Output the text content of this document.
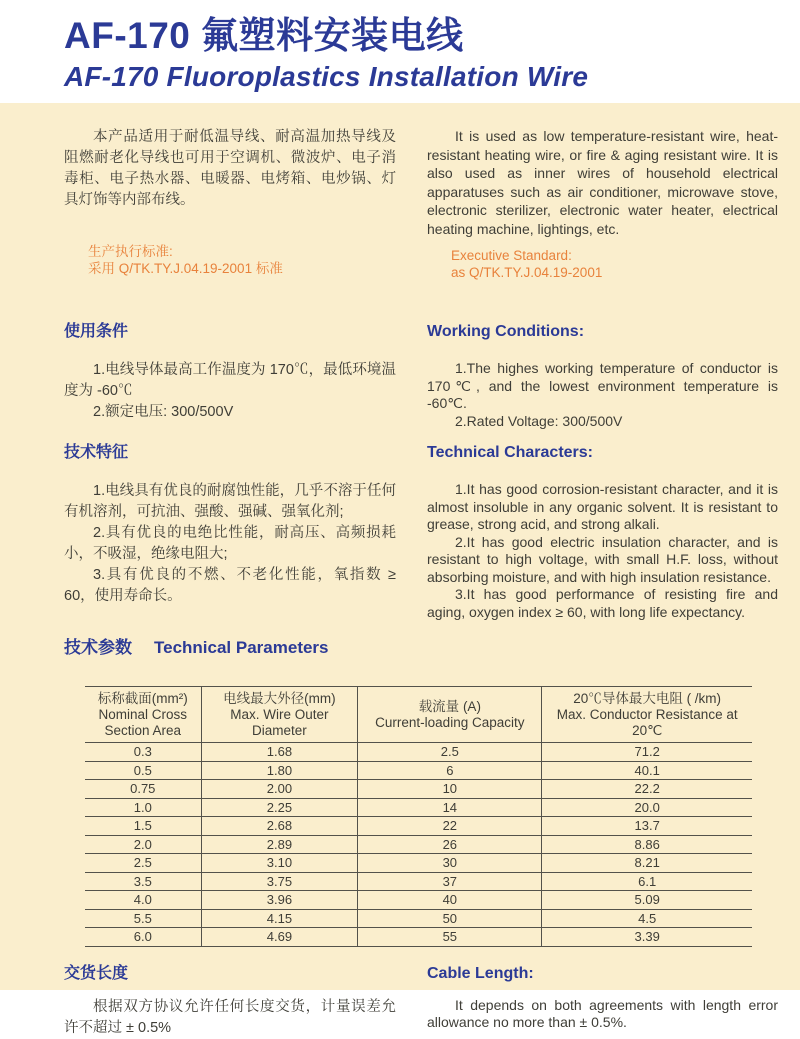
AF-170 氟塑料安装电线
AF-170 Fluoroplastics Installation Wire

本产品适用于耐低温导线、耐高温加热导线及阻燃耐老化导线也可用于空调机、微波炉、电子消毒柜、电子热水器、电暖器、电烤箱、电炒锅、灯具灯饰等内部布线。

生产执行标准:
采用 Q/TK.TY.J.04.19-2001 标准

It is used as low temperature-resistant wire, heat-resistant heating wire, or fire & aging resistant wire. It is also used as inner wires of household electrical apparatuses such as air conditioner, microwave stove, electronic sterilizer, electronic water heater, electrical heating machine, lightings, etc.

Executive Standard:
as Q/TK.TY.J.04.19-2001
使用条件

1.电线导体最高工作温度为 170℃，最低环境温度为 -60℃

2.额定电压: 300/500V

Working Conditions:

1.The highes working temperature of conductor is 170℃, and the lowest environment temperature is -60℃.

2.Rated Voltage: 300/500V

技术特征

1.电线具有优良的耐腐蚀性能，几乎不溶于任何有机溶剂，可抗油、强酸、强碱、强氧化剂;

2.具有优良的电绝比性能，耐高压、高频损耗小，不吸湿，绝缘电阻大;

3.具有优良的不燃、不老化性能，氧指数 ≥ 60，使用寿命长。

Technical Characters:

1.It has good corrosion-resistant character, and it is almost insoluble in any organic solvent. It is resistant to grease, strong acid, and strong alkali.

2.It has good electric insulation character, and is resistant to high voltage, with small H.F. loss, without absorbing moisture, and with high insulation resistance.

3.It has good performance of resisting fire and aging, oxygen index ≥ 60, with long life expectancy.

技术参数 Technical Parameters
标称截面(mm²)
Nominal Cross Section Area

电线最大外径(mm)
Max. Wire Outer Diameter

载流量 (A)
Current-loading Capacity

20℃导体最大电阻 ( /km)
Max. Conductor Resistance at 20℃

0.3	1.68	2.5	71.2
0.5	1.80	6	40.1
0.75	2.00	10	22.2
1.0	2.25	14	20.0
1.5	2.68	22	13.7
2.0	2.89	26	8.86
2.5	3.10	30	8.21
3.5	3.75	37	6.1
4.0	3.96	40	5.09
5.5	4.15	50	4.5
6.0	4.69	55	3.39
交货长度

根据双方协议允许任何长度交货，计量误差允许不超过 ± 0.5%

Cable Length:

It depends on both agreements with length error allowance no more than ± 0.5%.
